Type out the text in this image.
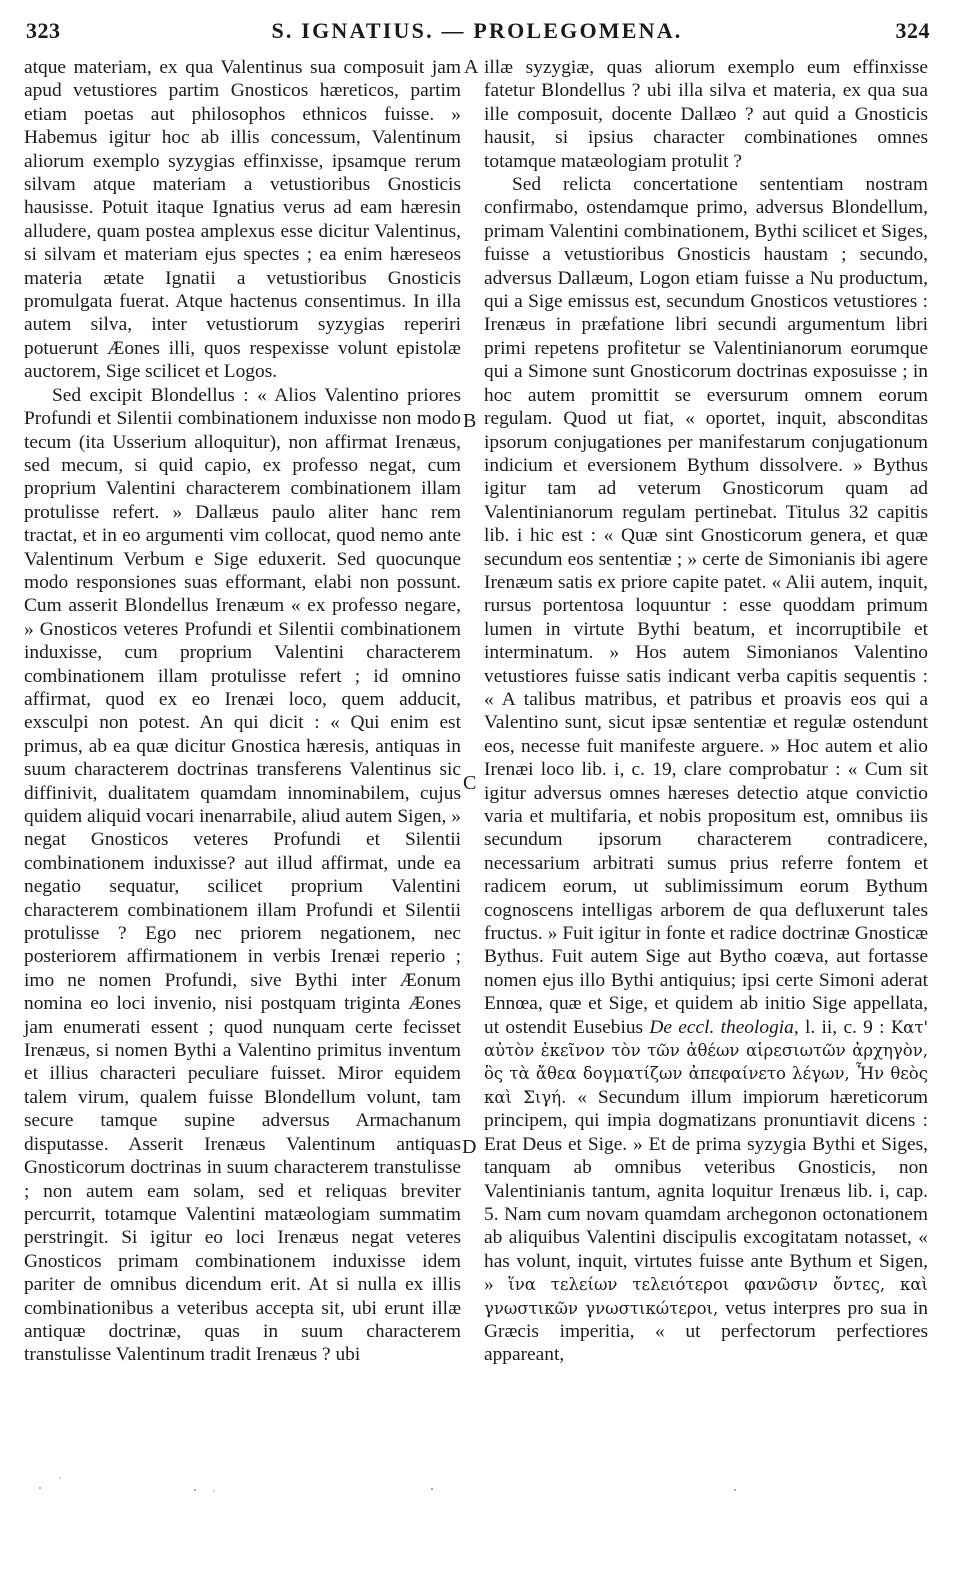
323	S. IGNATIUS. — PROLEGOMENA.	324

atque materiam, ex qua Valentinus sua composuit jam apud vetustiores partim Gnosticos hæreticos, partim etiam poetas aut philosophos ethnicos fuisse. » Habemus igitur hoc ab illis concessum, Valentinum aliorum exemplo syzygias effinxisse, ipsamque rerum silvam atque materiam a vetustioribus Gnosticis hausisse. Potuit itaque Ignatius verus ad eam hæresin alludere, quam postea amplexus esse dicitur Valentinus, si silvam et materiam ejus spectes ; ea enim hæreseos materia ætate Ignatii a vetustioribus Gnosticis promulgata fuerat. Atque hactenus consentimus. In illa autem silva, inter vetustiorum syzygias reperiri potuerunt Æones illi, quos respexisse volunt epistolæ auctorem, Sige scilicet et Logos.

Sed excipit Blondellus : « Alios Valentino priores Profundi et Silentii combinationem induxisse non modo tecum (ita Usserium alloquitur), non affirmat Irenæus, sed mecum, si quid capio, ex professo negat, cum proprium Valentini characterem combinationem illam protulisse refert. » Dallæus paulo aliter hanc rem tractat, et in eo argumenti vim collocat, quod nemo ante Valentinum Verbum e Sige eduxerit. Sed quocunque modo responsiones suas efformant, elabi non possunt. Cum asserit Blondellus Irenæum « ex professo negare, » Gnosticos veteres Profundi et Silentii combinationem induxisse, cum proprium Valentini characterem combinationem illam protulisse refert ; id omnino affirmat, quod ex eo Irenæi loco, quem adducit, exsculpi non potest. An qui dicit : « Qui enim est primus, ab ea quæ dicitur Gnostica hæresis, antiquas in suum characterem doctrinas transferens Valentinus sic diffinivit, dualitatem quamdam innominabilem, cujus quidem aliquid vocari inenarrabile, aliud autem Sigen, » negat Gnosticos veteres Profundi et Silentii combinationem induxisse? aut illud affirmat, unde ea negatio sequatur, scilicet proprium Valentini characterem combinationem illam Profundi et Silentii protulisse ? Ego nec priorem negationem, nec posteriorem affirmationem in verbis Irenæi reperio ; imo ne nomen Profundi, sive Bythi inter Æonum nomina eo loci invenio, nisi postquam triginta Æones jam enumerati essent ; quod nunquam certe fecisset Irenæus, si nomen Bythi a Valentino primitus inventum et illius characteri peculiare fuisset. Miror equidem talem virum, qualem fuisse Blondellum volunt, tam secure tamque supine adversus Armachanum disputasse. Asserit Irenæus Valentinum antiquas Gnosticorum doctrinas in suum characterem transtulisse ; non autem eam solam, sed et reliquas breviter percurrit, totamque Valentini matæologiam summatim perstringit. Si igitur eo loci Irenæus negat veteres Gnosticos primam combinationem induxisse idem pariter de omnibus dicendum erit. At si nulla ex illis combinationibus a veteribus accepta sit, ubi erunt illæ antiquæ doctrinæ, quas in suum characterem transtulisse Valentinum tradit Irenæus ? ubi

A
B
C
D

illæ syzygiæ, quas aliorum exemplo eum effinxisse fatetur Blondellus ? ubi illa silva et materia, ex qua sua ille composuit, docente Dallæo ? aut quid a Gnosticis hausit, si ipsius character combinationes omnes totamque matæologiam protulit ?

Sed relicta concertatione sententiam nostram confirmabo, ostendamque primo, adversus Blondellum, primam Valentini combinationem, Bythi scilicet et Siges, fuisse a vetustioribus Gnosticis haustam ; secundo, adversus Dallæum, Logon etiam fuisse a Nu productum, qui a Sige emissus est, secundum Gnosticos vetustiores : Irenæus in præfatione libri secundi argumentum libri primi repetens profitetur se Valentinianorum eorumque qui a Simone sunt Gnosticorum doctrinas exposuisse ; in hoc autem promittit se eversurum omnem eorum regulam. Quod ut fiat, « oportet, inquit, absconditas ipsorum conjugationes per manifestarum conjugationum indicium et eversionem Bythum dissolvere. » Bythus igitur tam ad veterum Gnosticorum quam ad Valentinianorum regulam pertinebat. Titulus 32 capitis lib. i hic est : « Quæ sint Gnosticorum genera, et quæ secundum eos sententiæ ; » certe de Simonianis ibi agere Irenæum satis ex priore capite patet. « Alii autem, inquit, rursus portentosa loquuntur : esse quoddam primum lumen in virtute Bythi beatum, et incorruptibile et interminatum. » Hos autem Simonianos Valentino vetustiores fuisse satis indicant verba capitis sequentis : « A talibus matribus, et patribus et proavis eos qui a Valentino sunt, sicut ipsæ sententiæ et regulæ ostendunt eos, necesse fuit manifeste arguere. » Hoc autem et alio Irenæi loco lib. i, c. 19, clare comprobatur : « Cum sit igitur adversus omnes hæreses detectio atque convictio varia et multifaria, et nobis propositum est, omnibus iis secundum ipsorum characterem contradicere, necessarium arbitrati sumus prius referre fontem et radicem eorum, ut sublimissimum eorum Bythum cognoscens intelligas arborem de qua defluxerunt tales fructus. » Fuit igitur in fonte et radice doctrinæ Gnosticæ Bythus. Fuit autem Sige aut Bytho coæva, aut fortasse nomen ejus illo Bythi antiquius; ipsi certe Simoni aderat Ennœa, quæ et Sige, et quidem ab initio Sige appellata, ut ostendit Eusebius De eccl. theologia, l. ii, c. 9 : Κατ' αὐτὸν ἐκεῖνον τὸν τῶν ἀθέων αἱρεσιωτῶν ἀρχηγὸν, ὃς τὰ ἄθεα δογματίζων ἀπεφαίνετο λέγων, Ἦν θεὸς καὶ Σιγή. « Secundum illum impiorum hæreticorum principem, qui impia dogmatizans pronuntiavit dicens : Erat Deus et Sige. » Et de prima syzygia Bythi et Siges, tanquam ab omnibus veteribus Gnosticis, non Valentinianis tantum, agnita loquitur Irenæus lib. i, cap. 5. Nam cum novam quamdam archegonon octonationem ab aliquibus Valentini discipulis excogitatam notasset, « has volunt, inquit, virtutes fuisse ante Bythum et Sigen, » ἵνα τελείων τελειότεροι φανῶσιν ὄντες, καὶ γνωστικῶν γνωστικώτεροι, vetus interpres pro sua in Græcis imperitia, « ut perfectorum perfectiores appareant,
